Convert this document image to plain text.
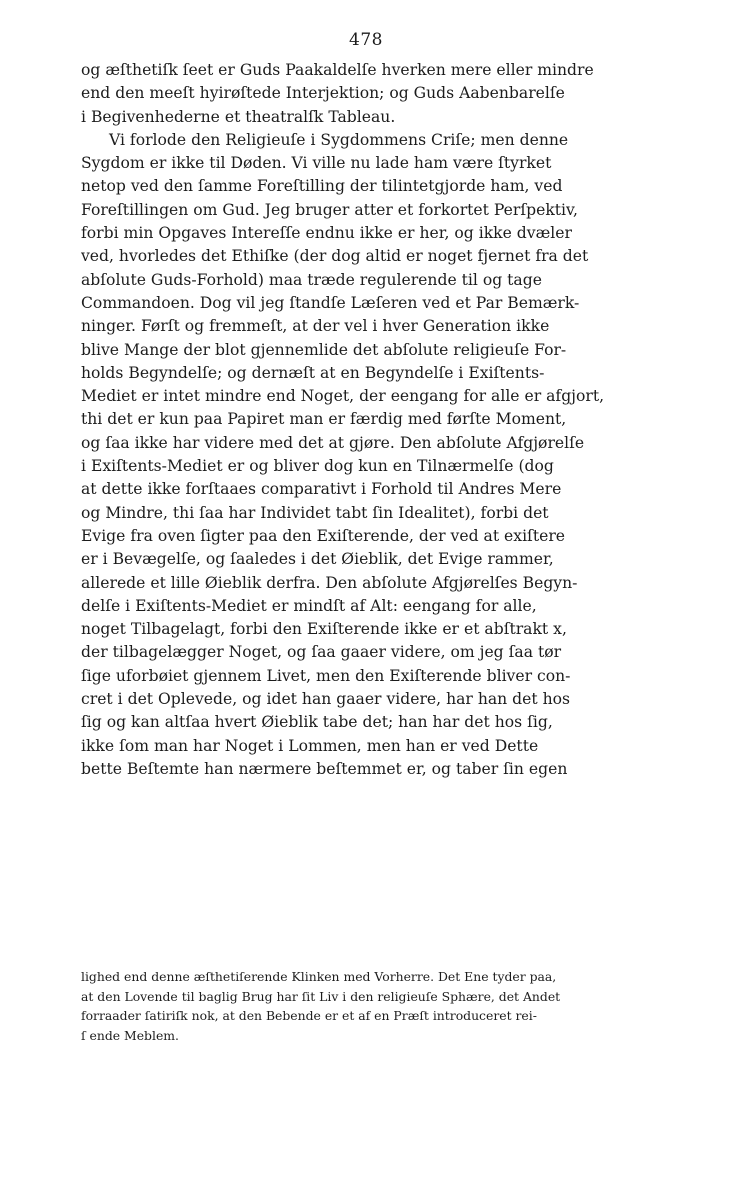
478
og æſthetiſk ſeet er Guds Paakaldelſe hverken mere eller mindre
end den meeſt hyirøſtede Interjektion; og Guds Aabenbarelſe
i Begivenhederne et theatralſk Tableau.
Vi forlode den Religieuſe i Sygdommens Criſe; men denne
Sygdom er ikke til Døden. Vi ville nu lade ham være ſtyrket
netop ved den ſamme Foreſtilling der tilintetgjorde ham, ved
Foreſtillingen om Gud. Jeg bruger atter et forkortet Perſpektiv,
forbi min Opgaves Intereſſe endnu ikke er her, og ikke dvæler
ved, hvorledes det Ethiſke (der dog altid er noget fjernet fra det
abſolute Guds-Forhold) maa træde regulerende til og tage
Commandoen. Dog vil jeg ſtandſe Læſeren ved et Par Bemærk-
ninger. Førſt og fremmeſt, at der vel i hver Generation ikke
blive Mange der blot gjennemlide det abſolute religieuſe For-
holds Begyndelſe; og dernæſt at en Begyndelſe i Exiſtents-
Mediet er intet mindre end Noget, der eengang for alle er afgjort,
thi det er kun paa Papiret man er færdig med førſte Moment,
og ſaa ikke har videre med det at gjøre. Den abſolute Afgjørelſe
i Exiſtents-Mediet er og bliver dog kun en Tilnærmelſe (dog
at dette ikke forſtaaes comparativt i Forhold til Andres Mere
og Mindre, thi ſaa har Individet tabt ſin Idealitet), forbi det
Evige fra oven ſigter paa den Exiſterende, der ved at exiſtere
er i Bevægelſe, og ſaaledes i det Øieblik, det Evige rammer,
allerede et lille Øieblik derfra. Den abſolute Afgjørelſes Begyn-
delſe i Exiſtents-Mediet er mindſt af Alt: eengang for alle,
noget Tilbagelagt, forbi den Exiſterende ikke er et abſtrakt x,
der tilbagelægger Noget, og ſaa gaaer videre, om jeg ſaa tør
ſige uforbøiet gjennem Livet, men den Exiſterende bliver con-
cret i det Oplevede, og idet han gaaer videre, har han det hos
ſig og kan altſaa hvert Øieblik tabe det; han har det hos ſig,
ikke ſom man har Noget i Lommen, men han er ved Dette
bette Beſtemte han nærmere beſtemmet er, og taber ſin egen
lighed end denne æſthetiſerende Klinken med Vorherre. Det Ene tyder paa,
at den Lovende til baglig Brug har ſit Liv i den religieuſe Sphære, det Andet
forraader ſatiriſk nok, at den Bebende er et af en Præſt introduceret rei-
ſ ende Meblem.
